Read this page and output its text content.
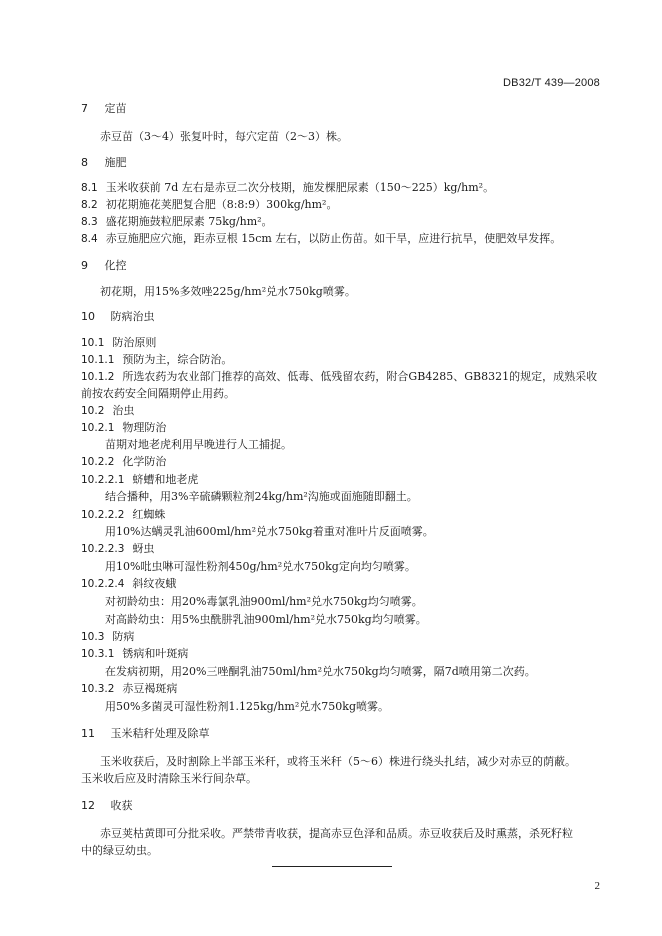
DB32/T 439—2008
7 定苗
赤豆苗（3～4）张复叶时，每穴定苗（2～3）株。
8 施肥
8.1 玉米收获前 7d 左右是赤豆二次分枝期，施发棵肥尿素（150～225）kg/hm²。
8.2 初花期施花荚肥复合肥（8:8:9）300kg/hm²。
8.3 盛花期施鼓粒肥尿素 75kg/hm²。
8.4 赤豆施肥应穴施，距赤豆根 15cm 左右，以防止伤苗。如干旱，应进行抗旱，使肥效早发挥。
9 化控
初花期，用15%多效唑225g/hm²兑水750kg喷雾。
10 防病治虫
10.1 防治原则
10.1.1 预防为主，综合防治。
10.1.2 所选农药为农业部门推荐的高效、低毒、低残留农药，附合GB4285、GB8321的规定，成熟采收
前按农药安全间隔期停止用药。
10.2 治虫
10.2.1 物理防治
苗期对地老虎利用早晚进行人工捕捉。
10.2.2 化学防治
10.2.2.1 蛴螬和地老虎
结合播种，用3%辛硫磷颗粒剂24kg/hm²沟施或面施随即翻土。
10.2.2.2 红蜘蛛
用10%达螨灵乳油600ml/hm²兑水750kg着重对准叶片反面喷雾。
10.2.2.3 蚜虫
用10%吡虫啉可湿性粉剂450g/hm²兑水750kg定向均匀喷雾。
10.2.2.4 斜纹夜蛾
对初龄幼虫：用20%毒氯乳油900ml/hm²兑水750kg均匀喷雾。
对高龄幼虫：用5%虫酰肼乳油900ml/hm²兑水750kg均匀喷雾。
10.3 防病
10.3.1 锈病和叶斑病
在发病初期，用20%三唑酮乳油750ml/hm²兑水750kg均匀喷雾，隔7d喷用第二次药。
10.3.2 赤豆褐斑病
用50%多菌灵可湿性粉剂1.125kg/hm²兑水750kg喷雾。
11 玉米秸秆处理及除草
玉米收获后，及时割除上半部玉米秆，或将玉米秆（5～6）株进行绕头扎结，减少对赤豆的荫蔽。
玉米收后应及时清除玉米行间杂草。
12 收获
赤豆荚枯黄即可分批采收。严禁带青收获，提高赤豆色泽和品质。赤豆收获后及时熏蒸，杀死籽粒
中的绿豆幼虫。
2
